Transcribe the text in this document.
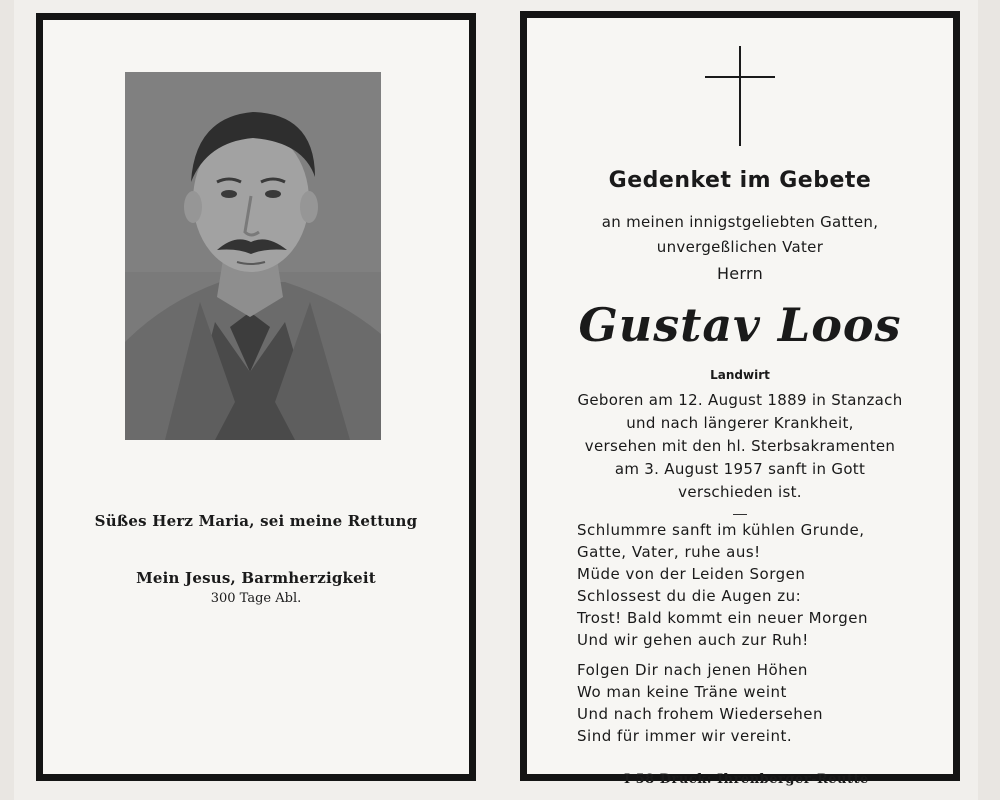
Süßes Herz Maria, sei meine Rettung
Mein Jesus, Barmherzigkeit
300 Tage Abl.
Gedenket im Gebete
an meinen innigstgeliebten Gatten,
unvergeßlichen Vater
Herrn
Gustav Loos
Landwirt
Geboren am 12. August 1889 in Stanzach
und nach längerer Krankheit,
versehen mit den hl. Sterbsakramenten
am 3. August 1957 sanft in Gott
verschieden ist.
Schlummre sanft im kühlen Grunde,
Gatte, Vater, ruhe aus!
Müde von der Leiden Sorgen
Schlossest du die Augen zu:
Trost! Bald kommt ein neuer Morgen
Und wir gehen auch zur Ruh!
Folgen Dir nach jenen Höhen
Wo man keine Träne weint
Und nach frohem Wiedersehen
Sind für immer wir vereint.
I 58 Druck: Ihrenberger-Reutte
